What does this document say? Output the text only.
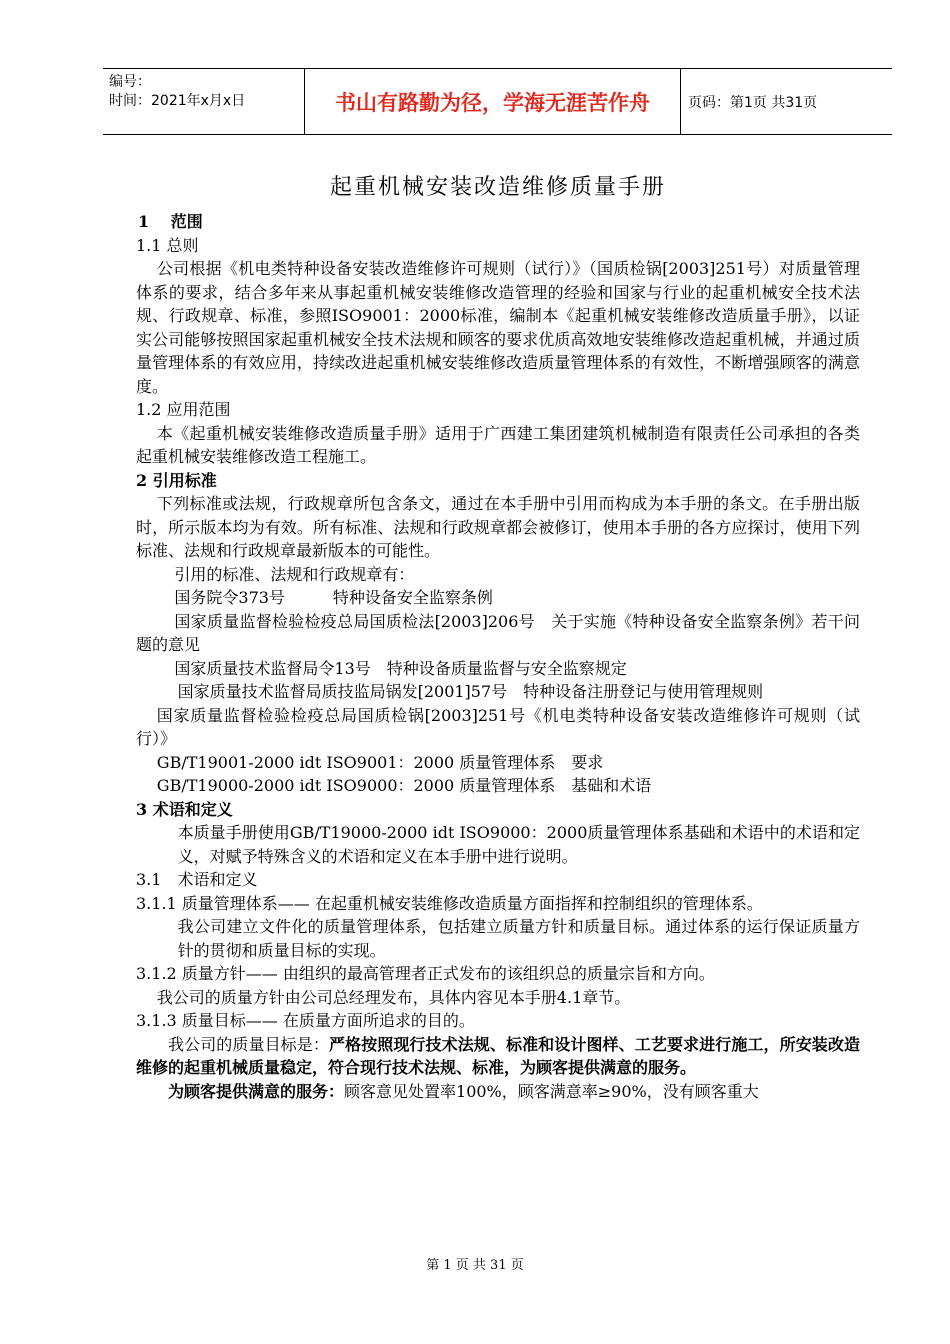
编号：
时间：2021年x月x日	书山有路勤为径，学海无涯苦作舟	页码：第1页 共31页
起重机械安装改造维修质量手册

1　 范围

1.1 总则

公司根据《机电类特种设备安装改造维修许可规则（试行）》（国质检锅[2003]251号）对质量管理体系的要求，结合多年来从事起重机械安装维修改造管理的经验和国家与行业的起重机械安全技术法规、行政规章、标准，参照ISO9001：2000标准，编制本《起重机械安装维修改造质量手册》，以证实公司能够按照国家起重机械安全技术法规和顾客的要求优质高效地安装维修改造起重机械，并通过质量管理体系的有效应用，持续改进起重机械安装维修改造质量管理体系的有效性，不断增强顾客的满意度。

1.2 应用范围

本《起重机械安装维修改造质量手册》适用于广西建工集团建筑机械制造有限责任公司承担的各类起重机械安装维修改造工程施工。

2 引用标准

下列标准或法规，行政规章所包含条文，通过在本手册中引用而构成为本手册的条文。在手册出版时，所示版本均为有效。所有标准、法规和行政规章都会被修订，使用本手册的各方应探讨，使用下列标准、法规和行政规章最新版本的可能性。

引用的标准、法规和行政规章有：

国务院令373号　　　特种设备安全监察条例

国家质量监督检验检疫总局国质检法[2003]206号　关于实施《特种设备安全监察条例》若干问题的意见

国家质量技术监督局令13号　特种设备质量监督与安全监察规定

国家质量技术监督局质技监局锅发[2001]57号　特种设备注册登记与使用管理规则

国家质量监督检验检疫总局国质检锅[2003]251号《机电类特种设备安装改造维修许可规则（试行）》

GB/T19001-2000 idt ISO9001：2000 质量管理体系　要求

GB/T19000-2000 idt ISO9000：2000 质量管理体系　基础和术语

3 术语和定义

本质量手册使用GB/T19000-2000 idt ISO9000：2000质量管理体系基础和术语中的术语和定义，对赋予特殊含义的术语和定义在本手册中进行说明。

3.1　术语和定义

3.1.1 质量管理体系—— 在起重机械安装维修改造质量方面指挥和控制组织的管理体系。

我公司建立文件化的质量管理体系，包括建立质量方针和质量目标。通过体系的运行保证质量方针的贯彻和质量目标的实现。

3.1.2 质量方针—— 由组织的最高管理者正式发布的该组织总的质量宗旨和方向。

我公司的质量方针由公司总经理发布，具体内容见本手册4.1章节。

3.1.3 质量目标—— 在质量方面所追求的目的。

我公司的质量目标是：严格按照现行技术法规、标准和设计图样、工艺要求进行施工，所安装改造维修的起重机械质量稳定，符合现行技术法规、标准，为顾客提供满意的服务。

为顾客提供满意的服务：顾客意见处置率100%，顾客满意率≥90%，没有顾客重大

第 1 页 共 31 页
